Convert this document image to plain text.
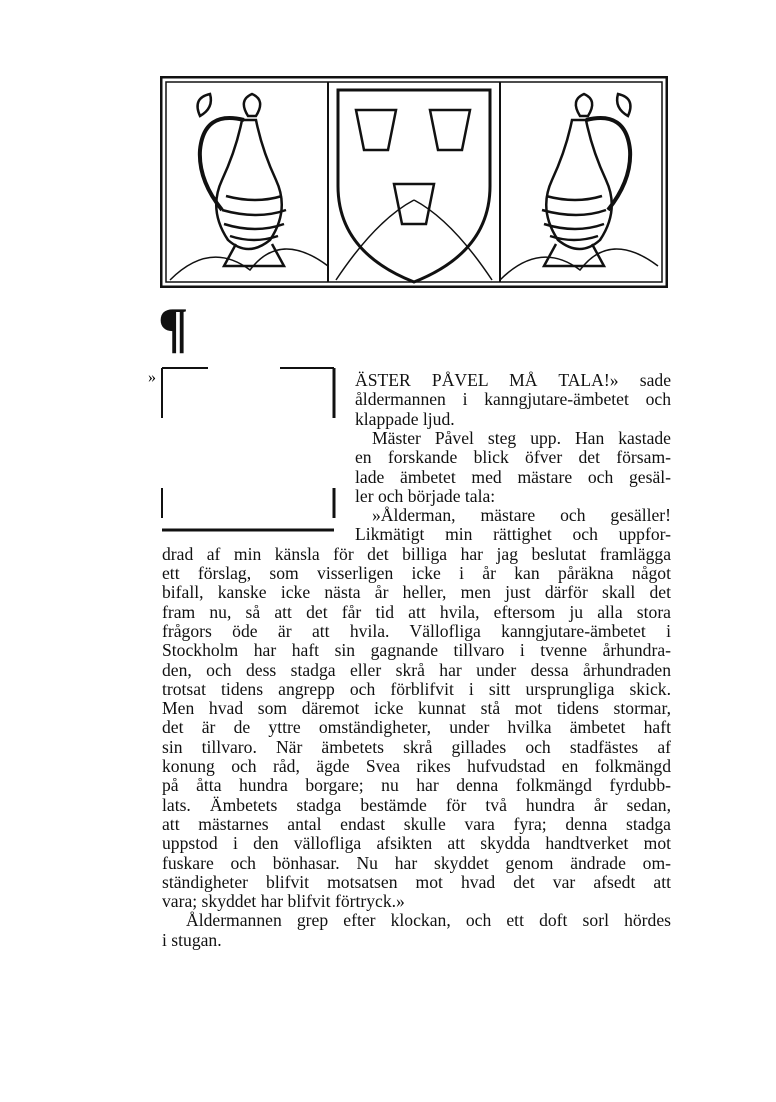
¶
»	ÄSTER PÅVEL MÅ TALA!» sade
åldermannen i kanngjutare-ämbetet och
klappade ljud.
Mäster Påvel steg upp. Han kastade
en forskande blick öfver det försam-
lade ämbetet med mästare och gesäl-
ler och började tala:
»Ålderman, mästare och gesäller!
Likmätigt min rättighet och uppfor-
drad af min känsla för det billiga har jag beslutat framlägga
ett förslag, som visserligen icke i år kan påräkna något
bifall, kanske icke nästa år heller, men just därför skall det
fram nu, så att det får tid att hvila, eftersom ju alla stora
frågors öde är att hvila. Vällofliga kanngjutare-ämbetet i
Stockholm har haft sin gagnande tillvaro i tvenne århundra-
den, och dess stadga eller skrå har under dessa århundraden
trotsat tidens angrepp och förblifvit i sitt ursprungliga skick.
Men hvad som däremot icke kunnat stå mot tidens stormar,
det är de yttre omständigheter, under hvilka ämbetet haft
sin tillvaro. När ämbetets skrå gillades och stadfästes af
konung och råd, ägde Svea rikes hufvudstad en folkmängd
på åtta hundra borgare; nu har denna folkmängd fyrdubb-
lats. Ämbetets stadga bestämde för två hundra år sedan,
att mästarnes antal endast skulle vara fyra; denna stadga
uppstod i den vällofliga afsikten att skydda handtverket mot
fuskare och bönhasar. Nu har skyddet genom ändrade om-
ständigheter blifvit motsatsen mot hvad det var afsedt att
vara; skyddet har blifvit förtryck.»
Åldermannen grep efter klockan, och ett doft sorl hördes
i stugan.
